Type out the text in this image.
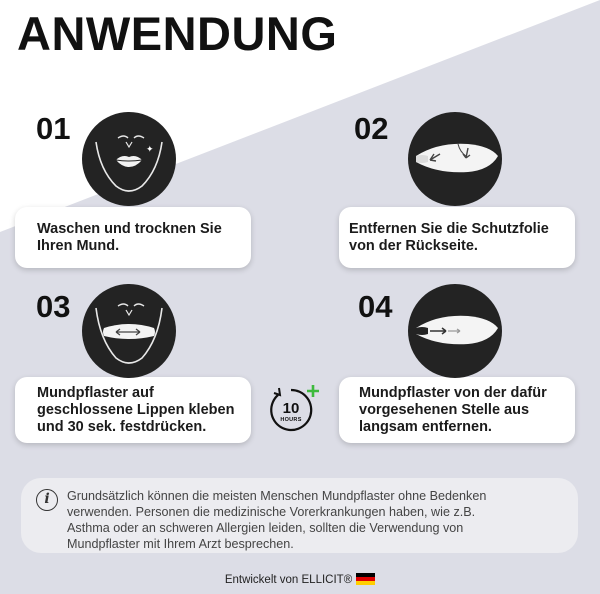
ANWENDUNG
01
✦
Waschen und trocknen Sie
Ihren Mund.
02
Entfernen Sie die Schutzfolie
von der Rückseite.
03
Mundpflaster auf
geschlossene Lippen kleben
und 30 sek. festdrücken.
04
Mundpflaster von der dafür
vorgesehenen Stelle aus
langsam entfernen.
10
HOURS
i	Grundsätzlich können die meisten Menschen Mundpflaster ohne Bedenken
verwenden. Personen die medizinische Vorerkrankungen haben, wie z.B.
Asthma oder an schweren Allergien leiden, sollten die Verwendung von
Mundpflaster mit Ihrem Arzt besprechen.
Entwickelt von ELLICIT®
